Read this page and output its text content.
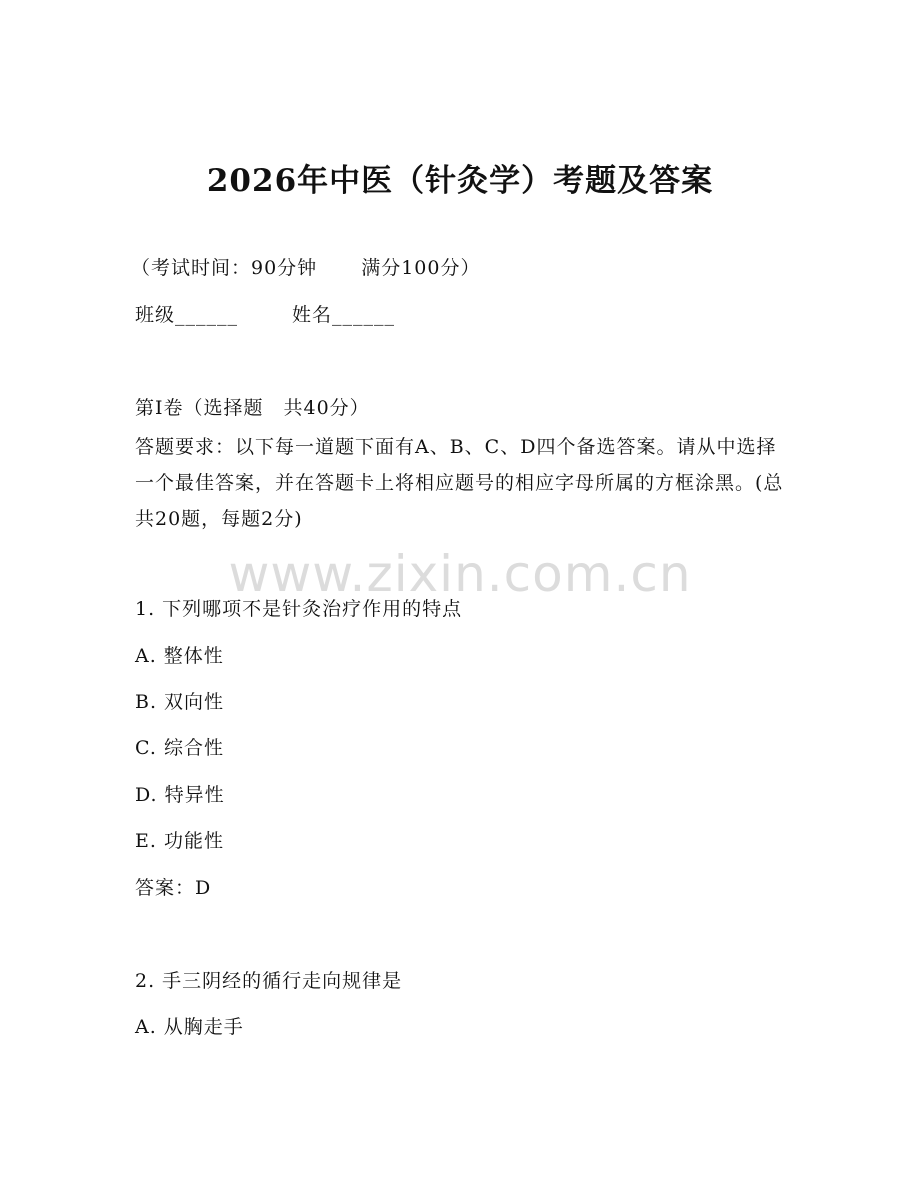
2026年中医（针灸学）考题及答案
（考试时间：90分钟 满分100分）
班级______	姓名______
第Ⅰ卷（选择题　共40分）
答题要求：以下每一道题下面有A、B、C、D四个备选答案。请从中选择一个最佳答案，并在答题卡上将相应题号的相应字母所属的方框涂黑。(总共20题，每题2分)
www.zixin.com.cn
1. 下列哪项不是针灸治疗作用的特点
A. 整体性
B. 双向性
C. 综合性
D. 特异性
E. 功能性
答案：D
2. 手三阴经的循行走向规律是
A. 从胸走手
